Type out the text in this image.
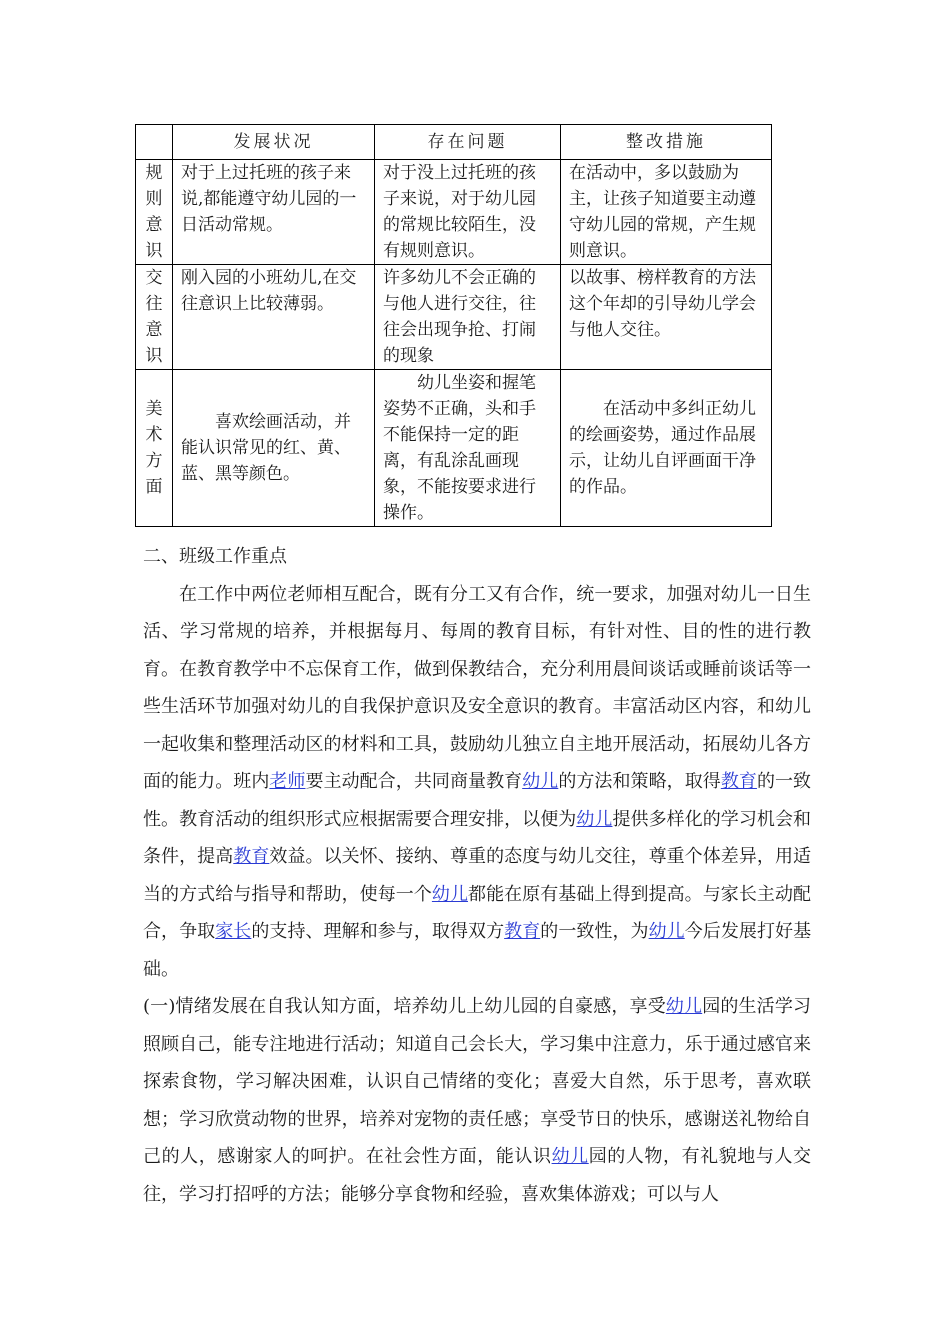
	发展状况	存在问题	整改措施
规则意识	对于上过托班的孩子来说,都能遵守幼儿园的一日活动常规。	对于没上过托班的孩子来说，对于幼儿园的常规比较陌生，没有规则意识。	在活动中，多以鼓励为主，让孩子知道要主动遵守幼儿园的常规，产生规则意识。
交往意识	刚入园的小班幼儿,在交往意识上比较薄弱。	许多幼儿不会正确的与他人进行交往，往往会出现争抢、打闹的现象	以故事、榜样教育的方法这个年却的引导幼儿学会与他人交往。
美术方面	喜欢绘画活动，并能认识常见的红、黄、蓝、黑等颜色。	幼儿坐姿和握笔姿势不正确，头和手不能保持一定的距离，有乱涂乱画现象，不能按要求进行操作。	在活动中多纠正幼儿的绘画姿势，通过作品展示，让幼儿自评画面干净的作品。

二、班级工作重点

在工作中两位老师相互配合，既有分工又有合作，统一要求，加强对幼儿一日生活、学习常规的培养，并根据每月、每周的教育目标，有针对性、目的性的进行教育。在教育教学中不忘保育工作，做到保教结合，充分利用晨间谈话或睡前谈话等一些生活环节加强对幼儿的自我保护意识及安全意识的教育。丰富活动区内容，和幼儿一起收集和整理活动区的材料和工具，鼓励幼儿独立自主地开展活动，拓展幼儿各方面的能力。班内老师要主动配合，共同商量教育幼儿的方法和策略，取得教育的一致性。教育活动的组织形式应根据需要合理安排，以便为幼儿提供多样化的学习机会和条件，提高教育效益。以关怀、接纳、尊重的态度与幼儿交往，尊重个体差异，用适当的方式给与指导和帮助，使每一个幼儿都能在原有基础上得到提高。与家长主动配合，争取家长的支持、理解和参与，取得双方教育的一致性，为幼儿今后发展打好基础。

(一)情绪发展在自我认知方面，培养幼儿上幼儿园的自豪感，享受幼儿园的生活学习照顾自己，能专注地进行活动；知道自己会长大，学习集中注意力，乐于通过感官来探索食物，学习解决困难，认识自己情绪的变化；喜爱大自然，乐于思考，喜欢联想；学习欣赏动物的世界，培养对宠物的责任感；享受节日的快乐，感谢送礼物给自己的人，感谢家人的呵护。在社会性方面，能认识幼儿园的人物，有礼貌地与人交往，学习打招呼的方法；能够分享食物和经验，喜欢集体游戏；可以与人
